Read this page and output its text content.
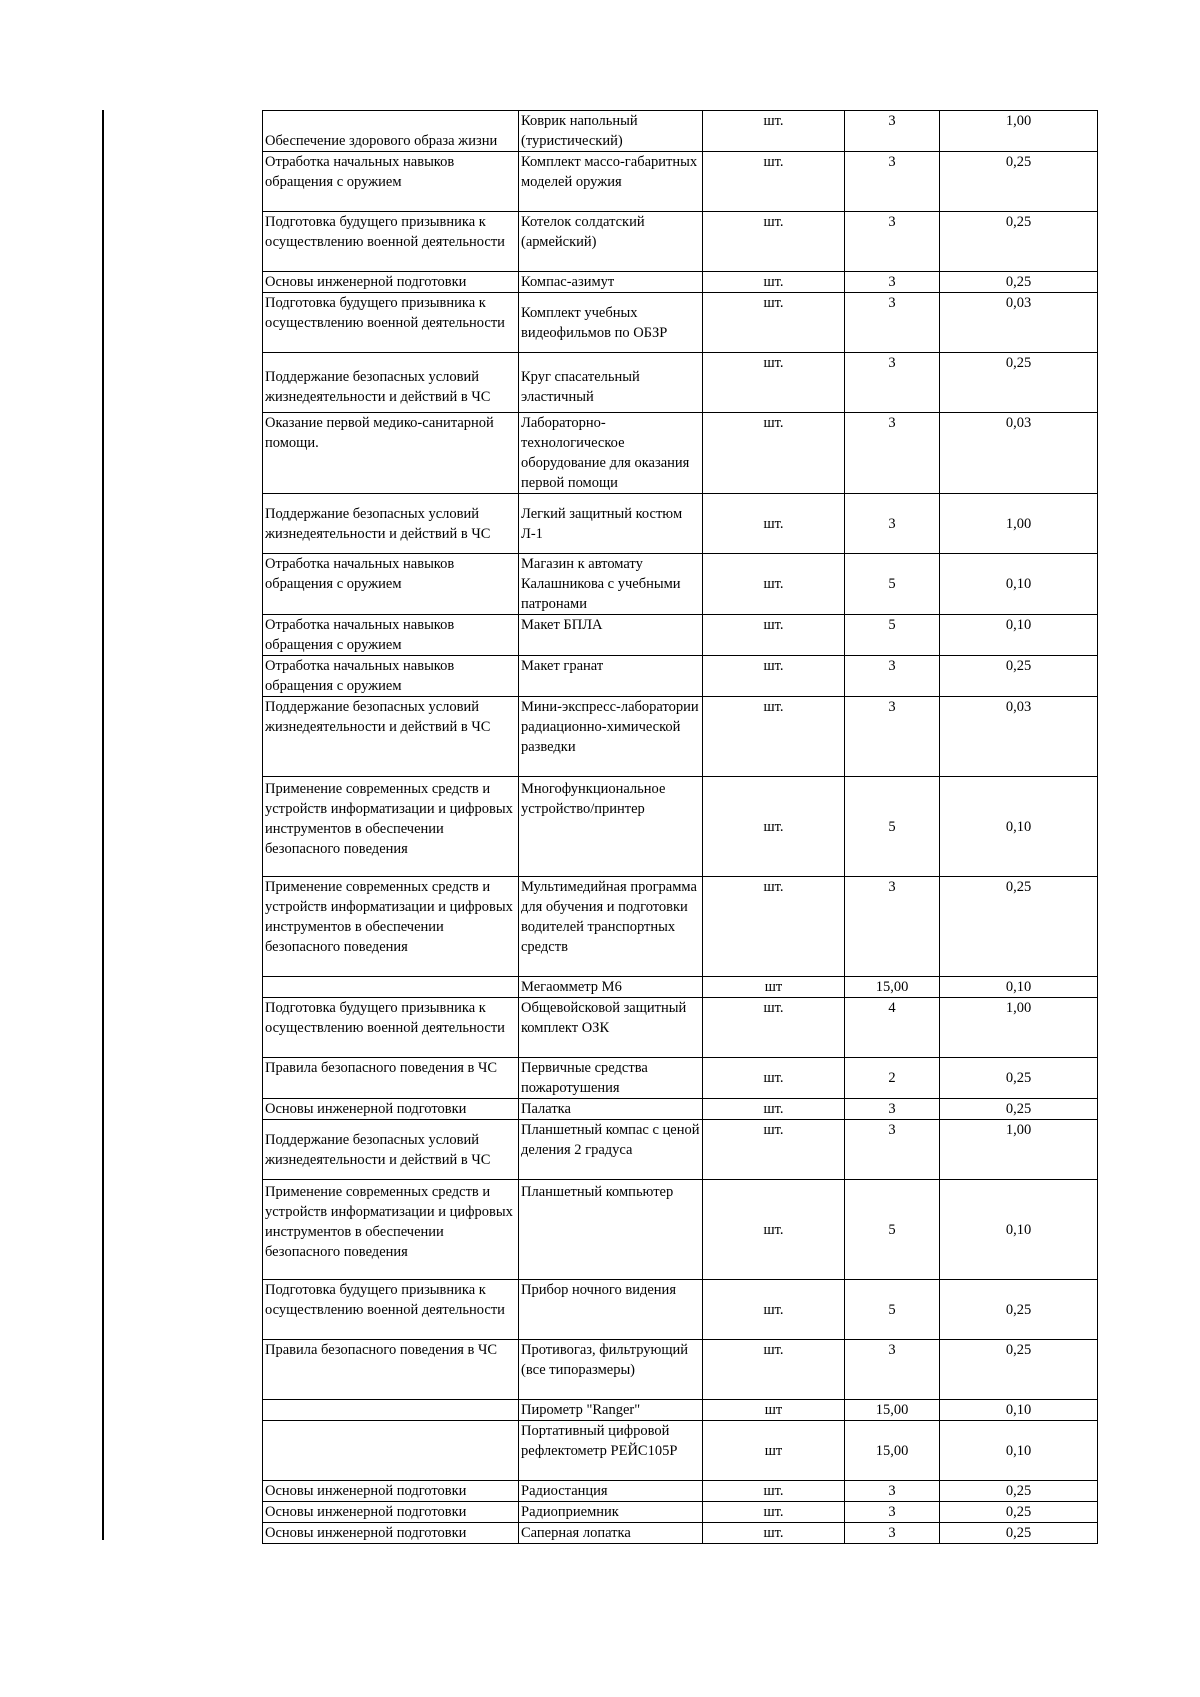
Обеспечение здорового образа жизни	Коврик напольный (туристический)	шт.	3	1,00
Отработка начальных навыков обращения с оружием	Комплект массо-габаритных моделей оружия	шт.	3	0,25
Подготовка будущего призывника к осуществлению военной деятельности	Котелок солдатский (армейский)	шт.	3	0,25
Основы инженерной подготовки	Компас-азимут	шт.	3	0,25
Подготовка будущего призывника к осуществлению военной деятельности	Комплект учебных видеофильмов по ОБЗР	шт.	3	0,03
Поддержание безопасных условий жизнедеятельности и действий в ЧС	Круг спасательный эластичный	шт.	3	0,25
Оказание первой медико-санитарной помощи.	Лабораторно-технологическое оборудование для оказания первой помощи	шт.	3	0,03
Поддержание безопасных условий жизнедеятельности и действий в ЧС	Легкий защитный костюм Л-1	шт.	3	1,00
Отработка начальных навыков обращения с оружием	Магазин к автомату Калашникова с учебными патронами	шт.	5	0,10
Отработка начальных навыков обращения с оружием	Макет БПЛА	шт.	5	0,10
Отработка начальных навыков обращения с оружием	Макет гранат	шт.	3	0,25
Поддержание безопасных условий жизнедеятельности и действий в ЧС	Мини-экспресс-лаборатории радиационно-химической разведки	шт.	3	0,03
Применение современных средств и устройств информатизации и цифровых инструментов в обеспечении безопасного поведения	Многофункциональное устройство/принтер	шт.	5	0,10
Применение современных средств и устройств информатизации и цифровых инструментов в обеспечении безопасного поведения	Мультимедийная программа для обучения и подготовки водителей транспортных средств	шт.	3	0,25
	Мегаомметр М6	шт	15,00	0,10
Подготовка будущего призывника к осуществлению военной деятельности	Общевойсковой защитный комплект ОЗК	шт.	4	1,00
Правила безопасного поведения в ЧС	Первичные средства пожаротушения	шт.	2	0,25
Основы инженерной подготовки	Палатка	шт.	3	0,25
Поддержание безопасных условий жизнедеятельности и действий в ЧС	Планшетный компас с ценой деления 2 градуса	шт.	3	1,00
Применение современных средств и устройств информатизации и цифровых инструментов в обеспечении безопасного поведения	Планшетный компьютер	шт.	5	0,10
Подготовка будущего призывника к осуществлению военной деятельности	Прибор ночного видения	шт.	5	0,25
Правила безопасного поведения в ЧС	Противогаз, фильтрующий (все типоразмеры)	шт.	3	0,25
	Пирометр "Ranger"	шт	15,00	0,10
	Портативный цифровой рефлектометр РЕЙС105Р	шт	15,00	0,10
Основы инженерной подготовки	Радиостанция	шт.	3	0,25
Основы инженерной подготовки	Радиоприемник	шт.	3	0,25
Основы инженерной подготовки	Саперная лопатка	шт.	3	0,25
